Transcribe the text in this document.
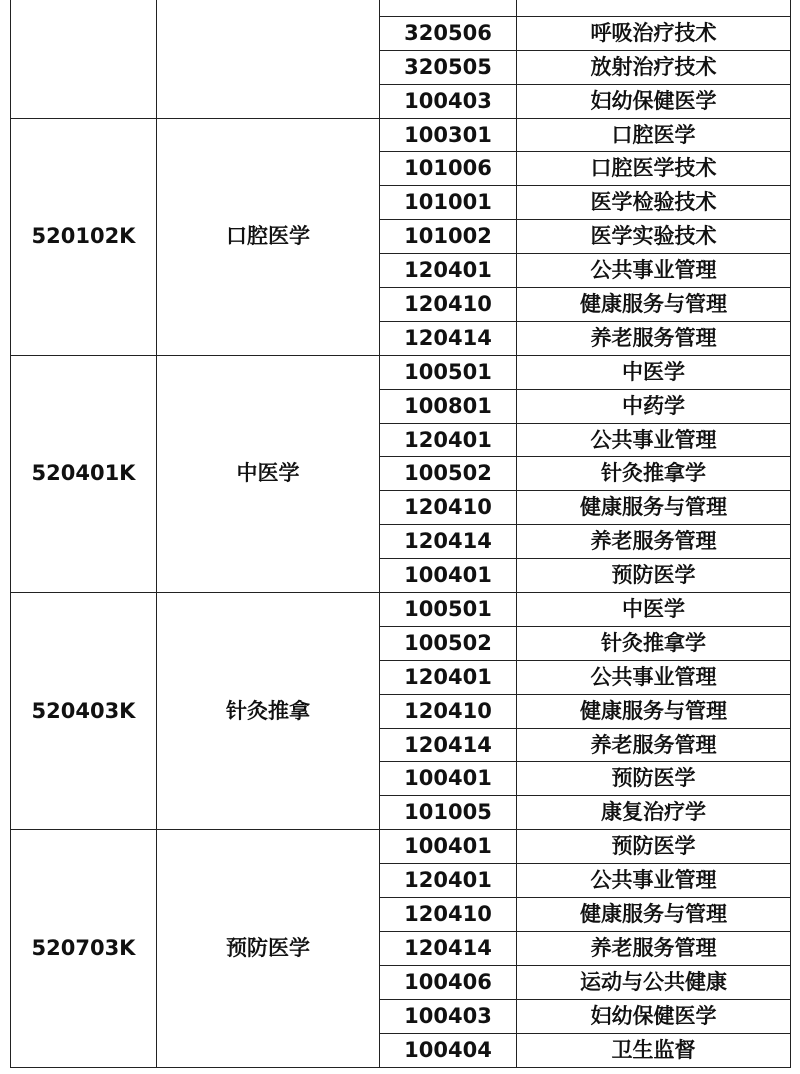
		320506	呼吸治疗技术
		320505	放射治疗技术
		100403	妇幼保健医学
520102K	口腔医学	100301	口腔医学
		101006	口腔医学技术
		101001	医学检验技术
		101002	医学实验技术
		120401	公共事业管理
		120410	健康服务与管理
		120414	养老服务管理
520401K	中医学	100501	中医学
		100801	中药学
		120401	公共事业管理
		100502	针灸推拿学
		120410	健康服务与管理
		120414	养老服务管理
		100401	预防医学
520403K	针灸推拿	100501	中医学
		100502	针灸推拿学
		120401	公共事业管理
		120410	健康服务与管理
		120414	养老服务管理
		100401	预防医学
		101005	康复治疗学
520703K	预防医学	100401	预防医学
		120401	公共事业管理
		120410	健康服务与管理
		120414	养老服务管理
		100406	运动与公共健康
		100403	妇幼保健医学
		100404	卫生监督
